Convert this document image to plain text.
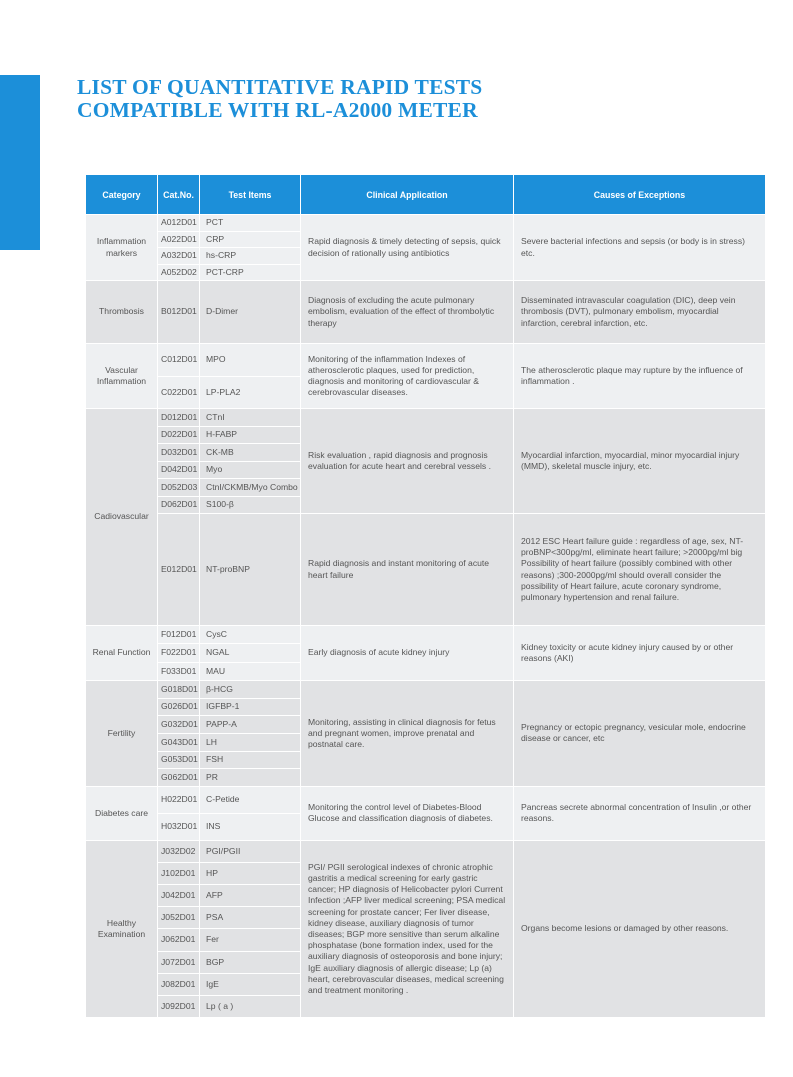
LIST OF QUANTITATIVE RAPID TESTS
COMPATIBLE WITH RL-A2000 METER
Category	Cat.No.	Test Items	Clinical Application	Causes of Exceptions
Inflammation markers	A012D01	PCT	Rapid diagnosis & timely detecting of sepsis, quick decision of rationally using antibiotics	Severe bacterial infections and sepsis (or body is in stress) etc.
	A022D01	CRP		
	A032D01	hs-CRP		
	A052D02	PCT-CRP		
Thrombosis	B012D01	D-Dimer	Diagnosis of excluding the acute pulmonary embolism, evaluation of the effect of thrombolytic therapy	Disseminated intravascular coagulation (DIC), deep vein thrombosis (DVT), pulmonary embolism, myocardial infarction, cerebral infarction, etc.
Vascular Inflammation	C012D01	MPO	Monitoring of the inflammation Indexes of atherosclerotic plaques, used for prediction, diagnosis and monitoring of cardiovascular & cerebrovascular diseases.	The atherosclerotic plaque may rupture by the influence of inflammation .
	C022D01	LP-PLA2		
Cadiovascular	D012D01	CTnI	Risk evaluation , rapid diagnosis and prognosis evaluation for acute heart and cerebral vessels .	Myocardial infarction, myocardial, minor myocardial injury (MMD), skeletal muscle injury, etc.
	D022D01	H-FABP		
	D032D01	CK-MB		
	D042D01	Myo		
	D052D03	CtnI/CKMB/Myo Combo		
	D062D01	S100-β		
	E012D01	NT-proBNP	Rapid diagnosis and instant monitoring of acute heart failure	2012 ESC Heart failure guide : regardless of age, sex, NT-proBNP<300pg/ml, eliminate heart failure; >2000pg/ml big
Possibility of heart failure (possibly combined with other reasons) ;300-2000pg/ml should overall consider the possibility of Heart failure, acute coronary syndrome, pulmonary hypertension and renal failure.
Renal Function	F012D01	CysC	Early diagnosis of acute kidney injury	Kidney toxicity or acute kidney injury caused by or other reasons (AKI)
	F022D01	NGAL		
	F033D01	MAU		
Fertility	G018D01	β-HCG	Monitoring, assisting in clinical diagnosis for fetus and pregnant women, improve prenatal and postnatal care.	Pregnancy or ectopic pregnancy, vesicular mole, endocrine disease or cancer, etc
	G026D01	IGFBP-1		
	G032D01	PAPP-A		
	G043D01	LH		
	G053D01	FSH		
	G062D01	PR		
Diabetes care	H022D01	C-Petide	Monitoring the control level of Diabetes-Blood Glucose and classification diagnosis of diabetes.	Pancreas secrete abnormal concentration of Insulin ,or other reasons.
	H032D01	INS		
Healthy Examination	J032D02	PGI/PGII	PGI/ PGII serological indexes of chronic atrophic gastritis a medical screening for early gastric cancer; HP diagnosis of Helicobacter pylori Current Infection ;AFP liver medical screening; PSA medical screening for prostate cancer; Fer liver disease, kidney disease, auxiliary diagnosis of tumor diseases; BGP more sensitive than serum alkaline phosphatase (bone formation index, used for the auxiliary diagnosis of osteoporosis and bone injury; IgE auxiliary diagnosis of allergic disease; Lp (a) heart, cerebrovascular diseases, medical screening and treatment monitoring .	Organs become lesions or damaged by other reasons.
	J102D01	HP		
	J042D01	AFP		
	J052D01	PSA		
	J062D01	Fer		
	J072D01	BGP		
	J082D01	IgE		
	J092D01	Lp ( a )		
